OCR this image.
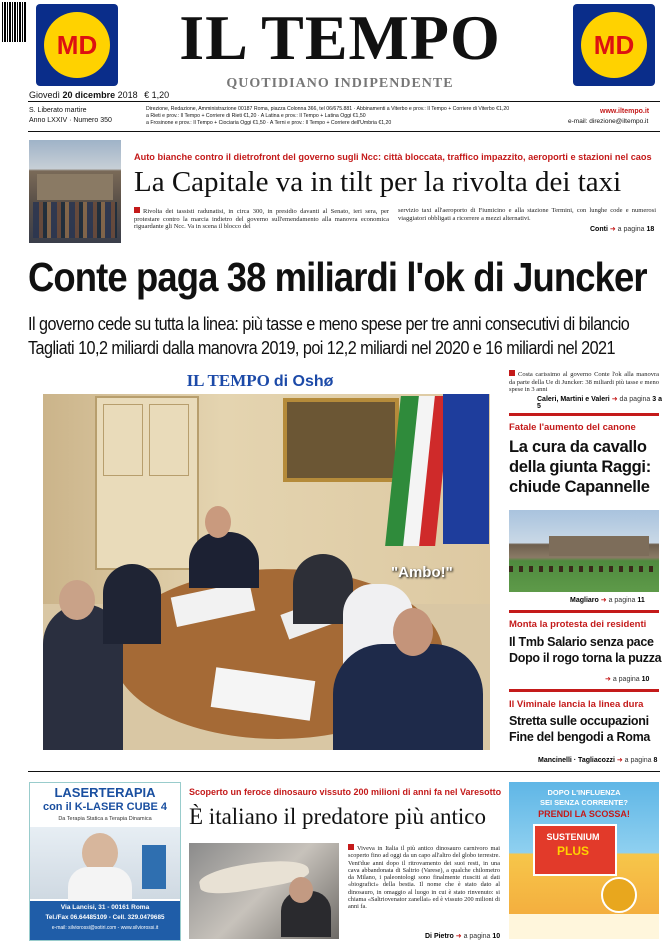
MD	MD
IL TEMPO
QUOTIDIANO INDIPENDENTE
Giovedì 20 dicembre 2018 € 1,20
S. Liberato martire
Anno LXXIV · Numero 350
Direzione, Redazione, Amministrazione 00187 Roma, piazza Colonna 366, tel 06/675.881 · Abbinamenti a Viterbo e prov.: Il Tempo + Corriere di Viterbo €1,20
a Rieti e prov.: Il Tempo + Corriere di Rieti €1,20 · A Latina e prov.: Il Tempo + Latina Oggi €1,50
a Frosinone e prov.: Il Tempo + Ciociaria Oggi €1,50 · A Terni e prov.: Il Tempo + Corriere dell'Umbria €1,20
www.iltempo.it
e-mail: direzione@iltempo.it
Auto bianche contro il dietrofront del governo sugli Ncc: città bloccata, traffico impazzito, aeroporti e stazioni nel caos
La Capitale va in tilt per la rivolta dei taxi
Rivolta dei tassisti radunatisi, in circa 300, in presidio davanti al Senato, ieri sera, per protestare contro la marcia indietro del governo sull'emendamento alla manovra economica riguardante gli Ncc. Va in scena il blocco del
servizio taxi all'aeroporto di Fiumicino e alla stazione Termini, con lunghe code e numerosi viaggiatori obbligati a ricorrere a mezzi alternativi.
Conti ➜ a pagina 18
Conte paga 38 miliardi l'ok di Juncker
Il governo cede su tutta la linea: più tasse e meno spese per tre anni consecutivi di bilancio
Tagliati 10,2 miliardi dalla manovra 2019, poi 12,2 miliardi nel 2020 e 16 miliardi nel 2021
IL TEMPO di Oshø
"Ambo!"
Costa carissimo al governo Conte l'ok alla manovra da parte della Ue di Juncker: 38 miliardi più tasse e meno spese in 3 anni
Caleri, Martini e Valeri ➜ da pagina 3 a 5
Fatale l'aumento del canone
La cura da cavallo
della giunta Raggi:
chiude Capannelle
Magliaro ➜ a pagina 11
Monta la protesta dei residenti
Il Tmb Salario senza pace
Dopo il rogo torna la puzza
➜ a pagina 10
Il Viminale lancia la linea dura
Stretta sulle occupazioni
Fine del bengodi a Roma
Mancinelli · Tagliacozzi ➜ a pagina 8
LASERTERAPIA
con il K-LASER CUBE 4
Da Terapia Statica a Terapia Dinamica
Via Lancisi, 31 - 00161 Roma
Tel./Fax 06.64485109 - Cell. 329.0479685
e-mail: silviorossi@sotiri.com - www.silviorossi.it
Scoperto un feroce dinosauro vissuto 200 milioni di anni fa nel Varesotto
È italiano il predatore più antico
Viveva in Italia il più antico dinosauro carnivoro mai scoperto fino ad oggi da un capo all'altro del globo terrestre. Vent'due anni dopo il ritrovamento dei suoi resti, in una cava abbandonata di Saltrio (Varese), a qualche chilometro da Milano, i paleontologi sono finalmente riusciti ai dati «biografici» della bestia. Il nome che è stato dato al dinosauro, in omaggio al luogo in cui è stato rinvenuto: si chiama «Saltriovenator zanellai» ed è vissuto 200 milioni di anni fa.
Di Pietro ➜ a pagina 10
DOPO L'INFLUENZA
SEI SENZA CORRENTE?
PRENDI LA SCOSSA!
SUSTENIUM
PLUS
